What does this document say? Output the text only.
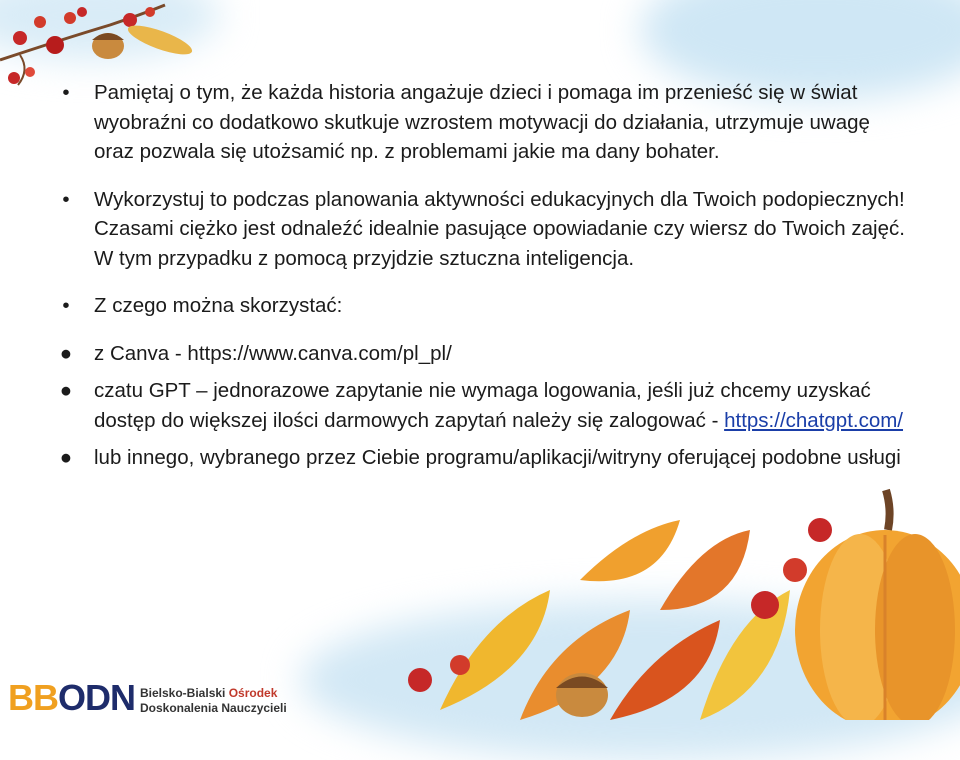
•	Pamiętaj o tym, że każda historia angażuje dzieci i pomaga im przenieść się w świat wyobraźni co dodatkowo skutkuje wzrostem motywacji do działania, utrzymuje uwagę oraz pozwala się utożsamić np. z problemami jakie ma dany bohater.
•	Wykorzystuj to podczas planowania aktywności edukacyjnych dla Twoich podopiecznych! Czasami ciężko jest odnaleźć idealnie pasujące opowiadanie czy wiersz do Twoich zajęć. W tym przypadku z pomocą przyjdzie sztuczna inteligencja.
•	Z czego można skorzystać:
● z Canva - https://www.canva.com/pl_pl/
● czatu GPT – jednorazowe zapytanie nie wymaga logowania, jeśli już chcemy uzyskać dostęp do większej ilości darmowych zapytań należy się zalogować - https://chatgpt.com/
● lub innego, wybranego przez Ciebie programu/aplikacji/witryny oferującej podobne usługi
BBODN Bielsko-Bialski Ośrodek
Doskonalenia Nauczycieli
